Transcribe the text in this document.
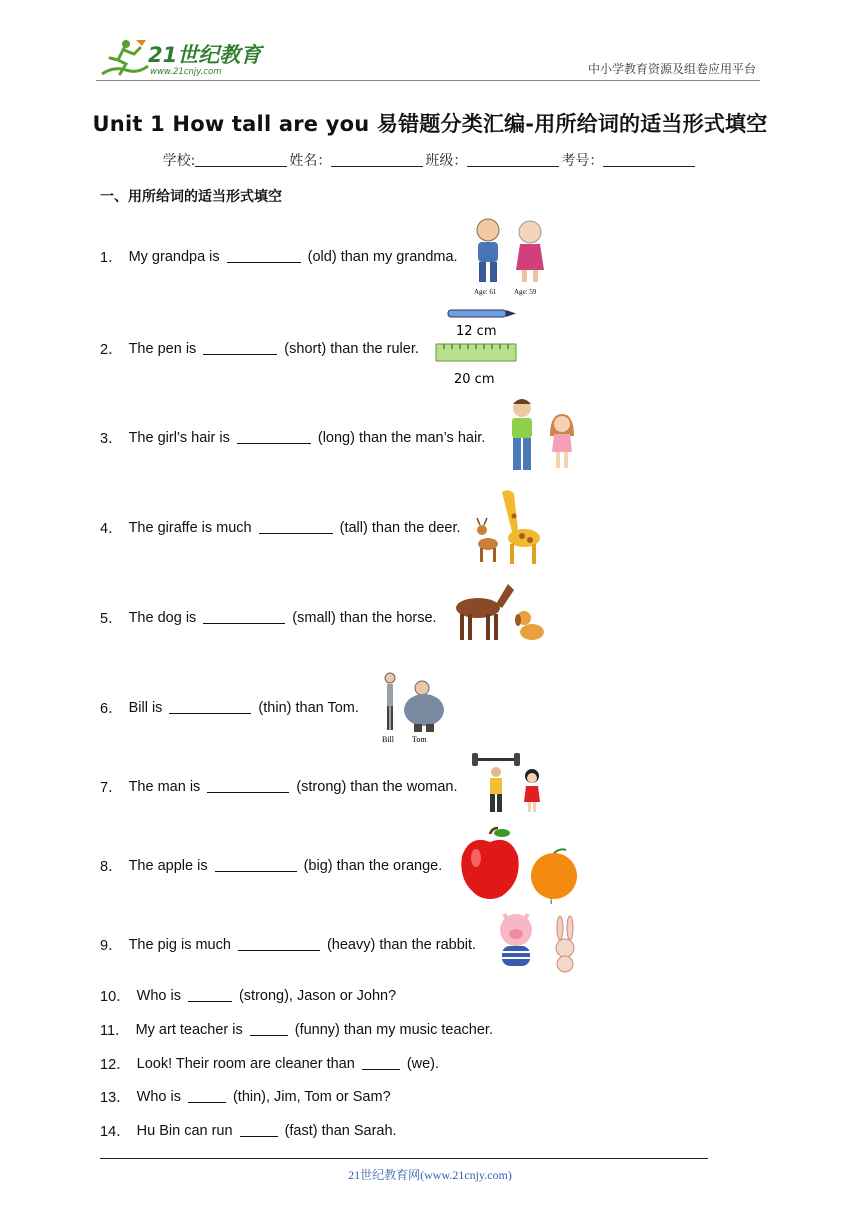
21世纪教育
www.21cnjy.com	中小学教育资源及组卷应用平台
Unit 1 How tall are you 易错题分类汇编-用所给词的适当形式填空
学校:	姓名：	班级：	考号：
一、用所给词的适当形式填空
1． My grandpa is	(old) than my grandma.
2． The pen is	(short) than the ruler.
3． The girl’s hair is	(long) than the man’s hair.
4． The giraffe is much	(tall) than the deer.
5． The dog is	(small) than the horse.
6． Bill is	(thin) than Tom.
7． The man is	(strong) than the woman.
8． The apple is	(big) than the orange.
9． The pig is much	(heavy) than the rabbit.
10． Who is	(strong), Jason or John?
11． My art teacher is	(funny) than my music teacher.
12． Look! Their room are cleaner than	(we).
13． Who is	(thin), Jim, Tom or Sam?
14． Hu Bin can run	(fast) than Sarah.
Age: 61	Age: 59
12 cm
20 cm
Bill Tom
i
21世纪教育网(www.21cnjy.com)
